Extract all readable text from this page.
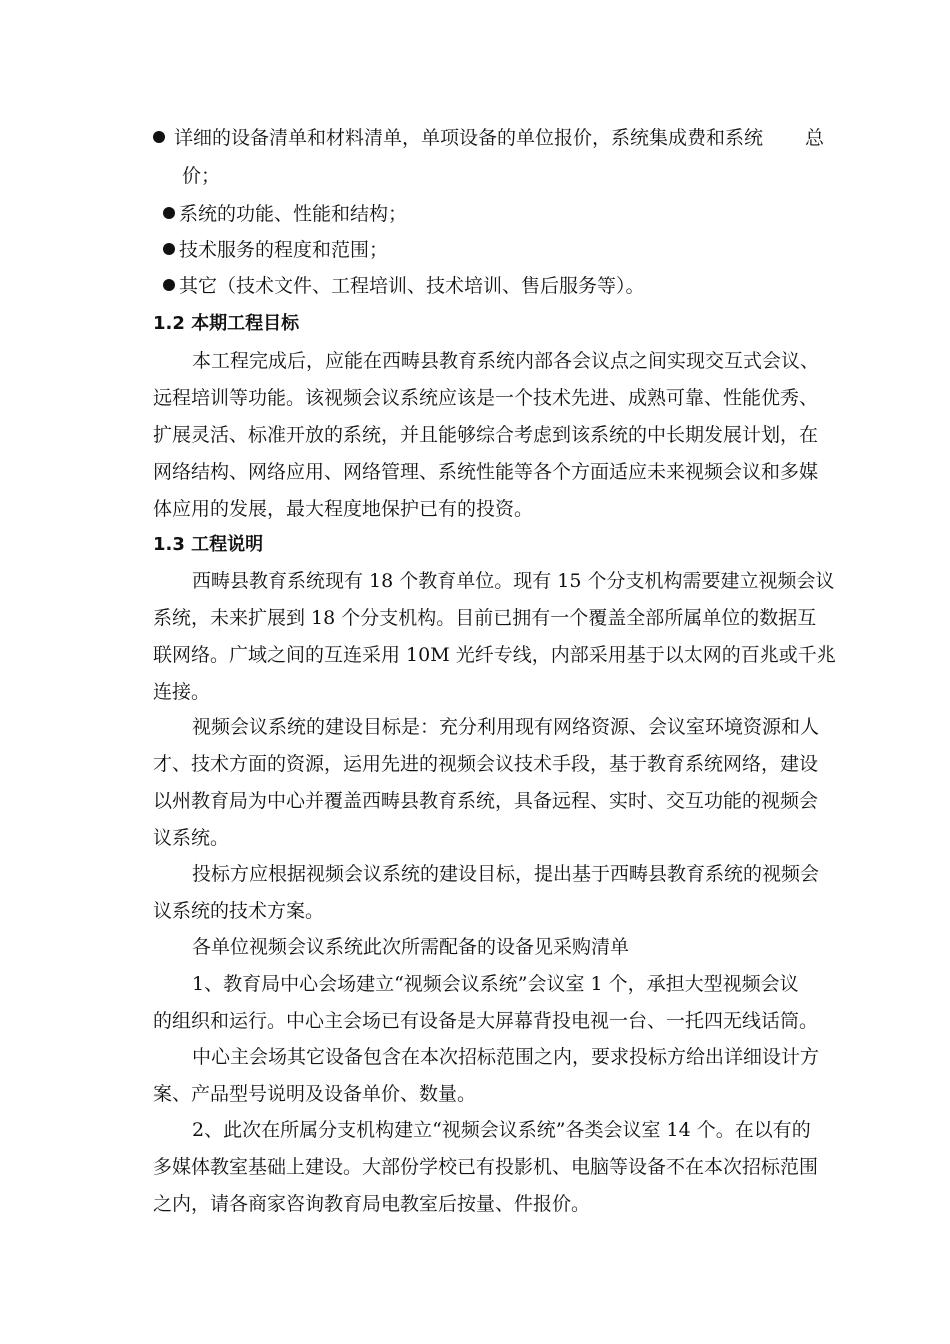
详细的设备清单和材料清单，单项设备的单位报价，系统集成费和系统	总
价；
系统的功能、性能和结构；
技术服务的程度和范围；
其它（技术文件、工程培训、技术培训、售后服务等）。
1.2 本期工程目标
本工程完成后，应能在西畴县教育系统内部各会议点之间实现交互式会议、
远程培训等功能。该视频会议系统应该是一个技术先进、成熟可靠、性能优秀、
扩展灵活、标准开放的系统，并且能够综合考虑到该系统的中长期发展计划，在
网络结构、网络应用、网络管理、系统性能等各个方面适应未来视频会议和多媒
体应用的发展，最大程度地保护已有的投资。
1.3 工程说明
西畴县教育系统现有 18 个教育单位。现有 15 个分支机构需要建立视频会议
系统，未来扩展到 18 个分支机构。目前已拥有一个覆盖全部所属单位的数据互
联网络。广域之间的互连采用 10M 光纤专线，内部采用基于以太网的百兆或千兆
连接。
视频会议系统的建设目标是：充分利用现有网络资源、会议室环境资源和人
才、技术方面的资源，运用先进的视频会议技术手段，基于教育系统网络，建设
以州教育局为中心并覆盖西畴县教育系统，具备远程、实时、交互功能的视频会
议系统。
投标方应根据视频会议系统的建设目标，提出基于西畴县教育系统的视频会
议系统的技术方案。
各单位视频会议系统此次所需配备的设备见采购清单
1、教育局中心会场建立“视频会议系统”会议室 1 个，承担大型视频会议
的组织和运行。中心主会场已有设备是大屏幕背投电视一台、一托四无线话筒。
中心主会场其它设备包含在本次招标范围之内，要求投标方给出详细设计方
案、产品型号说明及设备单价、数量。
2、此次在所属分支机构建立“视频会议系统”各类会议室 14 个。在以有的
多媒体教室基础上建设。大部份学校已有投影机、电脑等设备不在本次招标范围
之内，请各商家咨询教育局电教室后按量、件报价。
